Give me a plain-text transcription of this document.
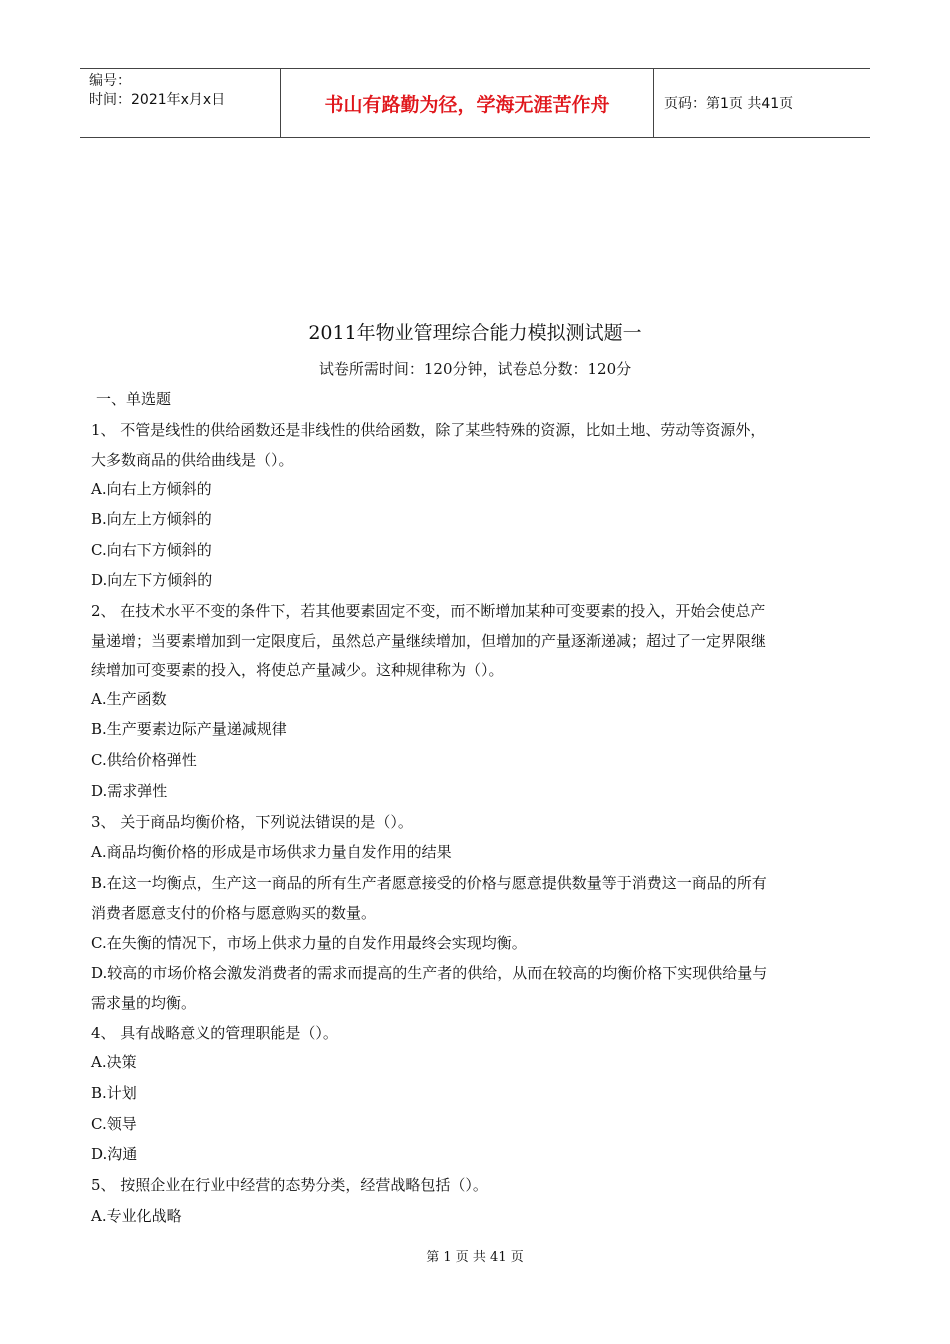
编号：
时间：2021年x月x日	书山有路勤为径，学海无涯苦作舟	页码：第1页 共41页
2011年物业管理综合能力模拟测试题一
试卷所需时间：120分钟，试卷总分数：120分
一、单选题
1、 不管是线性的供给函数还是非线性的供给函数，除了某些特殊的资源，比如土地、劳动等资源外，
大多数商品的供给曲线是（）。
A.向右上方倾斜的
B.向左上方倾斜的
C.向右下方倾斜的
D.向左下方倾斜的
2、 在技术水平不变的条件下，若其他要素固定不变，而不断增加某种可变要素的投入，开始会使总产
量递增；当要素增加到一定限度后，虽然总产量继续增加，但增加的产量逐渐递减；超过了一定界限继
续增加可变要素的投入，将使总产量减少。这种规律称为（）。
A.生产函数
B.生产要素边际产量递减规律
C.供给价格弹性
D.需求弹性
3、 关于商品均衡价格，下列说法错误的是（）。
A.商品均衡价格的形成是市场供求力量自发作用的结果
B.在这一均衡点，生产这一商品的所有生产者愿意接受的价格与愿意提供数量等于消费这一商品的所有
消费者愿意支付的价格与愿意购买的数量。
C.在失衡的情况下，市场上供求力量的自发作用最终会实现均衡。
D.较高的市场价格会激发消费者的需求而提高的生产者的供给，从而在较高的均衡价格下实现供给量与
需求量的均衡。
4、 具有战略意义的管理职能是（）。
A.决策
B.计划
C.领导
D.沟通
5、 按照企业在行业中经营的态势分类，经营战略包括（）。
A.专业化战略
第 1 页 共 41 页
